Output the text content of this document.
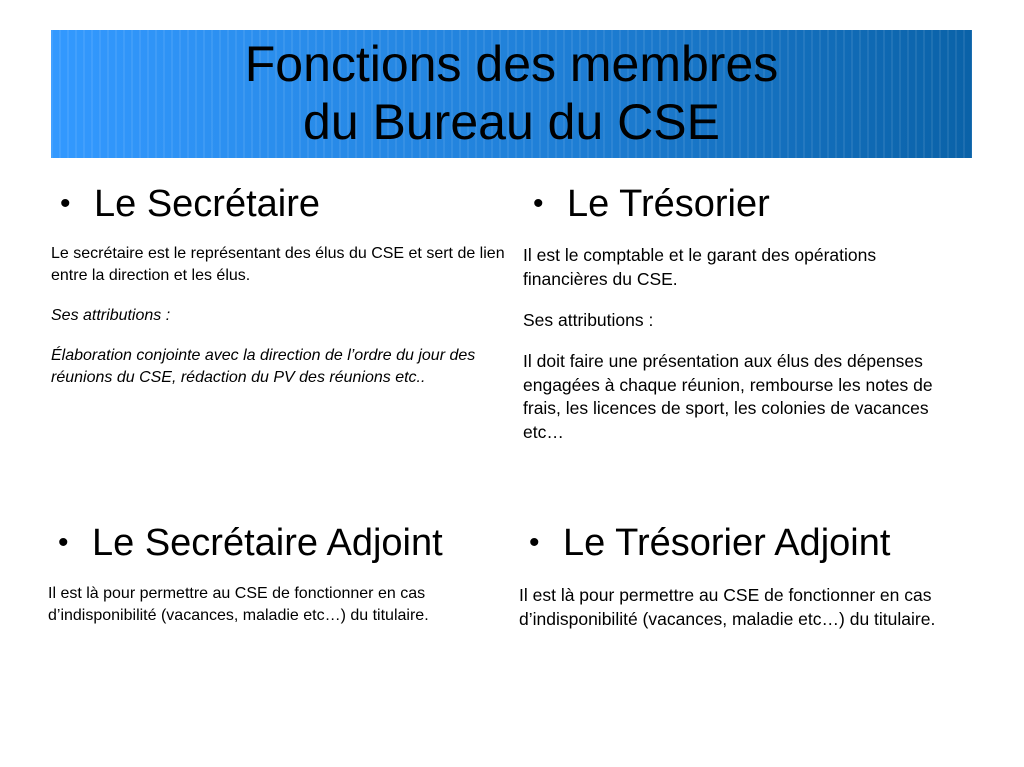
Fonctions des membres
du Bureau du CSE
• Le Secrétaire

Le secrétaire est le représentant des élus du CSE et sert de lien entre la direction et les élus.

Ses attributions :

Élaboration conjointe avec la direction de l’ordre du jour des réunions du CSE, rédaction du PV des réunions etc..

• Le Trésorier

Il est le comptable et le garant des opérations financières du CSE.

Ses attributions :

Il doit faire une présentation aux élus des dépenses engagées à chaque réunion, rembourse les notes de frais, les licences de sport, les colonies de vacances etc…

• Le Secrétaire Adjoint

Il est là pour permettre au CSE de fonctionner en cas d’indisponibilité (vacances, maladie etc…) du titulaire.

• Le Trésorier Adjoint

Il est là pour permettre au CSE de fonctionner en cas d’indisponibilité (vacances, maladie etc…) du titulaire.
